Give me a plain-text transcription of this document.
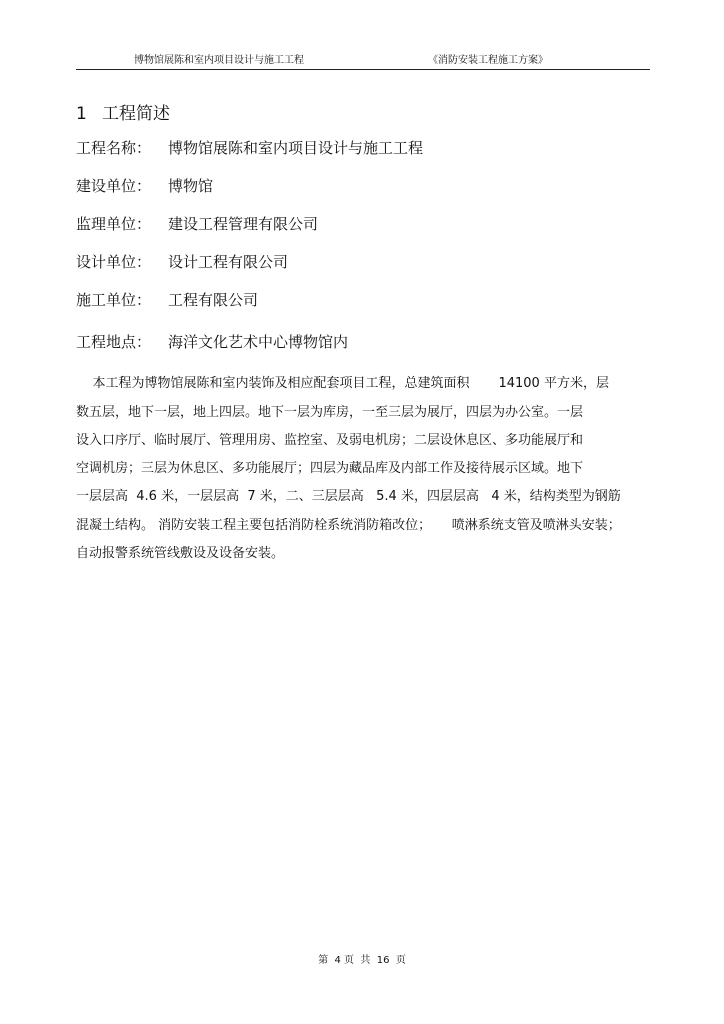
博物馆展陈和室内项目设计与施工工程	《消防安装工程施工方案》
1 工程简述
工程名称： 博物馆展陈和室内项目设计与施工工程
建设单位： 博物馆
监理单位： 建设工程管理有限公司
设计单位： 设计工程有限公司
施工单位：工程有限公司
工程地点： 海洋文化艺术中心博物馆内
本工程为博物馆展陈和室内装饰及相应配套项目工程，总建筑面积       14100 平方米，层
数五层，地下一层，地上四层。地下一层为库房，一至三层为展厅，四层为办公室。一层
设入口序厅、临时展厅、管理用房、监控室、及弱电机房；二层设休息区、多功能展厅和
空调机房；三层为休息区、多功能展厅；四层为藏品库及内部工作及接待展示区域。地下
一层层高  4.6 米，一层层高  7 米，二、三层层高   5.4 米，四层层高   4 米，结构类型为钢筋
混凝土结构。 消防安装工程主要包括消防栓系统消防箱改位；     喷淋系统支管及喷淋头安装；
自动报警系统管线敷设及设备安装。
第  4 页  共  16  页
